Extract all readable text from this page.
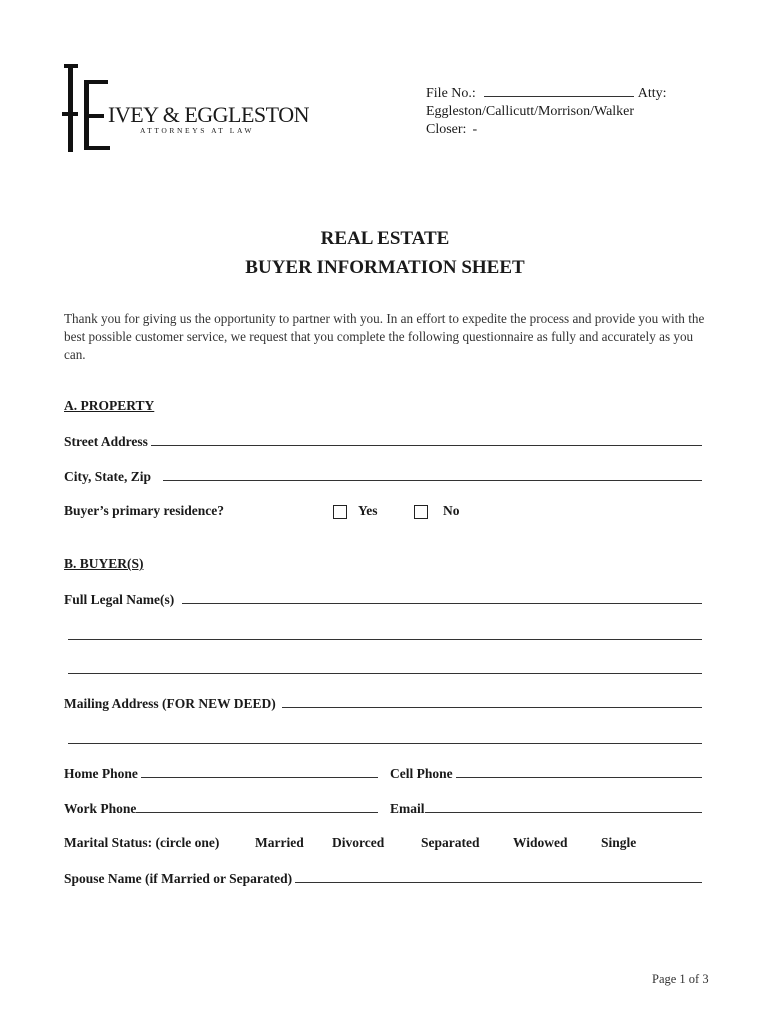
IVEY & EGGLESTON
ATTORNEYS AT LAW
File No.:	Atty:
Eggleston/Callicutt/Morrison/Walker
Closer: -
REAL ESTATE
BUYER INFORMATION SHEET
Thank you for giving us the opportunity to partner with you. In an effort to expedite the process and provide you with the best possible customer service, we request that you complete the following questionnaire as fully and accurately as you can.
A. PROPERTY
Street Address
City, State, Zip
Buyer’s primary residence?	Yes	No
B. BUYER(S)
Full Legal Name(s)
Mailing Address (FOR NEW DEED)
Home Phone	Cell Phone
Work Phone	Email
Marital Status: (circle one)	Married Divorced	Separated Widowed Single
Spouse Name (if Married or Separated)
Page 1 of 3
